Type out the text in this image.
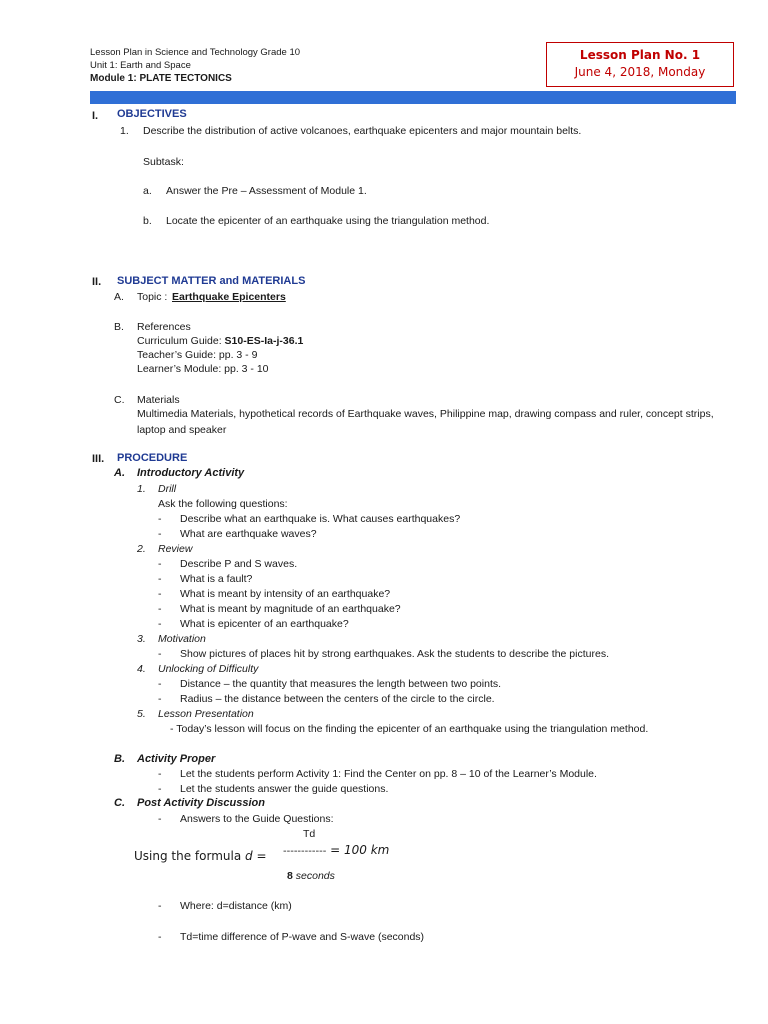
Lesson Plan in Science and Technology Grade 10
Unit 1: Earth and Space
Module 1: PLATE TECTONICS
Lesson Plan No. 1
June 4, 2018, Monday
I. OBJECTIVES
1. Describe the distribution of active volcanoes, earthquake epicenters and major mountain belts.
Subtask:
a. Answer the Pre – Assessment of Module 1.
b. Locate the epicenter of an earthquake using the triangulation method.
II. SUBJECT MATTER and MATERIALS
A. Topic : Earthquake Epicenters
B. References
Curriculum Guide: S10-ES-Ia-j-36.1
Teacher’s Guide: pp. 3 - 9
Learner’s Module: pp. 3 - 10
C. Materials
Multimedia Materials, hypothetical records of Earthquake waves, Philippine map, drawing compass and ruler, concept strips,
laptop and speaker
III. PROCEDURE
A. Introductory Activity
1. Drill
Ask the following questions:
- Describe what an earthquake is. What causes earthquakes?
- What are earthquake waves?
2. Review
- Describe P and S waves.
- What is a fault?
- What is meant by intensity of an earthquake?
- What is meant by magnitude of an earthquake?
- What is epicenter of an earthquake?
3. Motivation
- Show pictures of places hit by strong earthquakes. Ask the students to describe the pictures.
4. Unlocking of Difficulty
- Distance – the quantity that measures the length between two points.
- Radius – the distance between the centers of the circle to the circle.
5. Lesson Presentation
- Today’s lesson will focus on the finding the epicenter of an earthquake using the triangulation method.
B. Activity Proper
- Let the students perform Activity 1: Find the Center on pp. 8 – 10 of the Learner’s Module.
- Let the students answer the guide questions.
C. Post Activity Discussion
- Answers to the Guide Questions:
Td
Using the formula d = ------------ = 100 km
8 seconds
- Where: d=distance (km)
- Td=time difference of P-wave and S-wave (seconds)
